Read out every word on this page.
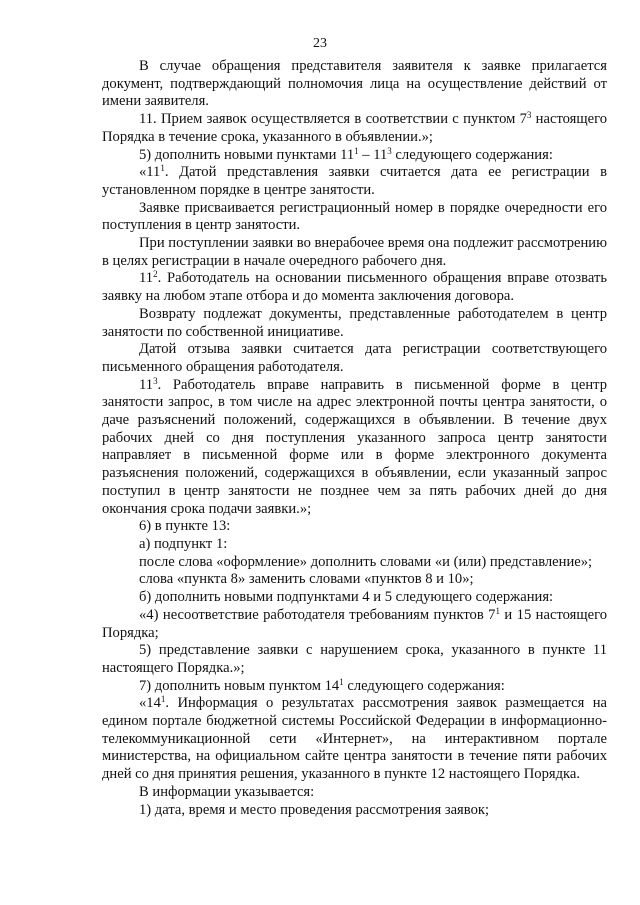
23

В случае обращения представителя заявителя к заявке прилагается документ, подтверждающий полномочия лица на осуществление действий от имени заявителя.

11. Прием заявок осуществляется в соответствии с пунктом $7^3$ настоящего Порядка в течение срока, указанного в объявлении.»;

5) дополнить новыми пунктами $11^1 - 11^3$ следующего содержания:

«$11^1$. Датой представления заявки считается дата ее регистрации в установленном порядке в центре занятости.

Заявке присваивается регистрационный номер в порядке очередности его поступления в центр занятости.

При поступлении заявки во внерабочее время она подлежит рассмотрению в целях регистрации в начале очередного рабочего дня.

$11^2$. Работодатель на основании письменного обращения вправе отозвать заявку на любом этапе отбора и до момента заключения договора.

Возврату подлежат документы, представленные работодателем в центр занятости по собственной инициативе.

Датой отзыва заявки считается дата регистрации соответствующего письменного обращения работодателя.

$11^3$. Работодатель вправе направить в письменной форме в центр занятости запрос, в том числе на адрес электронной почты центра занятости, о даче разъяснений положений, содержащихся в объявлении. В течение двух рабочих дней со дня поступления указанного запроса центр занятости направляет в письменной форме или в форме электронного документа разъяснения положений, содержащихся в объявлении, если указанный запрос поступил в центр занятости не позднее чем за пять рабочих дней до дня окончания срока подачи заявки.»;

6) в пункте 13:

а) подпункт 1:

после слова «оформление» дополнить словами «и (или) представление»;

слова «пункта 8» заменить словами «пунктов 8 и 10»;

б) дополнить новыми подпунктами 4 и 5 следующего содержания:

«4) несоответствие работодателя требованиям пунктов $7^1$ и 15 настоящего Порядка;

5) представление заявки с нарушением срока, указанного в пункте 11 настоящего Порядка.»;

7) дополнить новым пунктом $14^1$ следующего содержания:

«$14^1$. Информация о результатах рассмотрения заявок размещается на едином портале бюджетной системы Российской Федерации в информационно-телекоммуникационной сети «Интернет», на интерактивном портале министерства, на официальном сайте центра занятости в течение пяти рабочих дней со дня принятия решения, указанного в пункте 12 настоящего Порядка.

В информации указывается:

1) дата, время и место проведения рассмотрения заявок;
